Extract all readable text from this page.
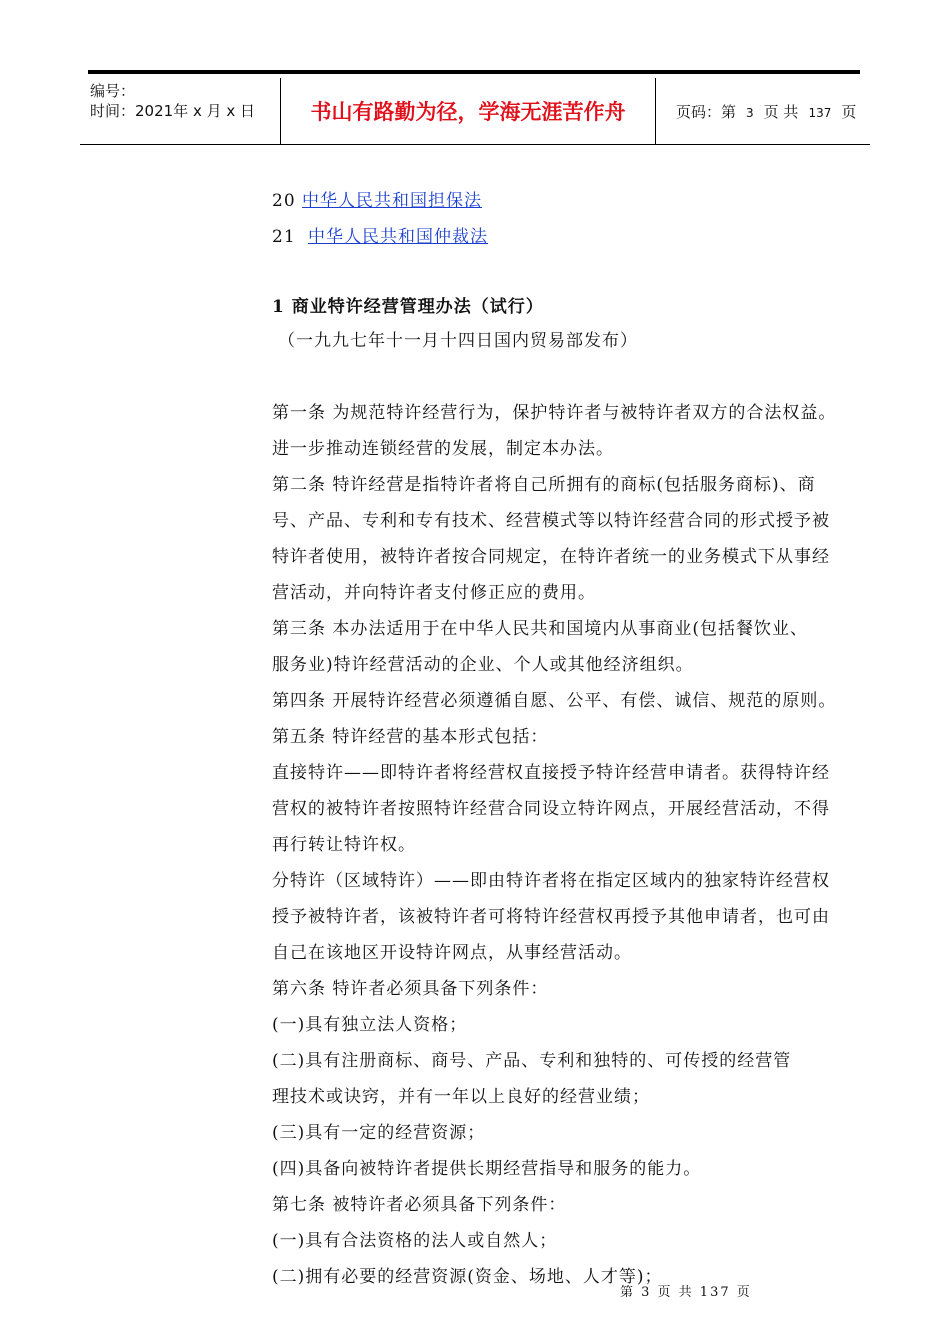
编号：
时间：2021年 x 月 x 日	书山有路勤为径，学海无涯苦作舟	页码：第 3 页 共 137 页
20 中华人民共和国担保法
21 中华人民共和国仲裁法
1 商业特许经营管理办法（试行）
（一九九七年十一月十四日国内贸易部发布）
第一条 为规范特许经营行为，保护特许者与被特许者双方的合法权益。
进一步推动连锁经营的发展，制定本办法。
第二条 特许经营是指特许者将自己所拥有的商标(包括服务商标)、商
号、产品、专利和专有技术、经营模式等以特许经营合同的形式授予被
特许者使用，被特许者按合同规定，在特许者统一的业务模式下从事经
营活动，并向特许者支付修正应的费用。
第三条 本办法适用于在中华人民共和国境内从事商业(包括餐饮业、
服务业)特许经营活动的企业、个人或其他经济组织。
第四条 开展特许经营必须遵循自愿、公平、有偿、诚信、规范的原则。
第五条 特许经营的基本形式包括：
直接特许——即特许者将经营权直接授予特许经营申请者。获得特许经
营权的被特许者按照特许经营合同设立特许网点，开展经营活动，不得
再行转让特许权。
分特许（区域特许）——即由特许者将在指定区域内的独家特许经营权
授予被特许者，该被特许者可将特许经营权再授予其他申请者，也可由
自己在该地区开设特许网点，从事经营活动。
第六条 特许者必须具备下列条件：
(一)具有独立法人资格；
(二)具有注册商标、商号、产品、专利和独特的、可传授的经营管
理技术或诀窍，并有一年以上良好的经营业绩；
(三)具有一定的经营资源；
(四)具备向被特许者提供长期经营指导和服务的能力。
第七条 被特许者必须具备下列条件：
(一)具有合法资格的法人或自然人；
(二)拥有必要的经营资源(资金、场地、人才等)；
第 3 页 共 137 页
